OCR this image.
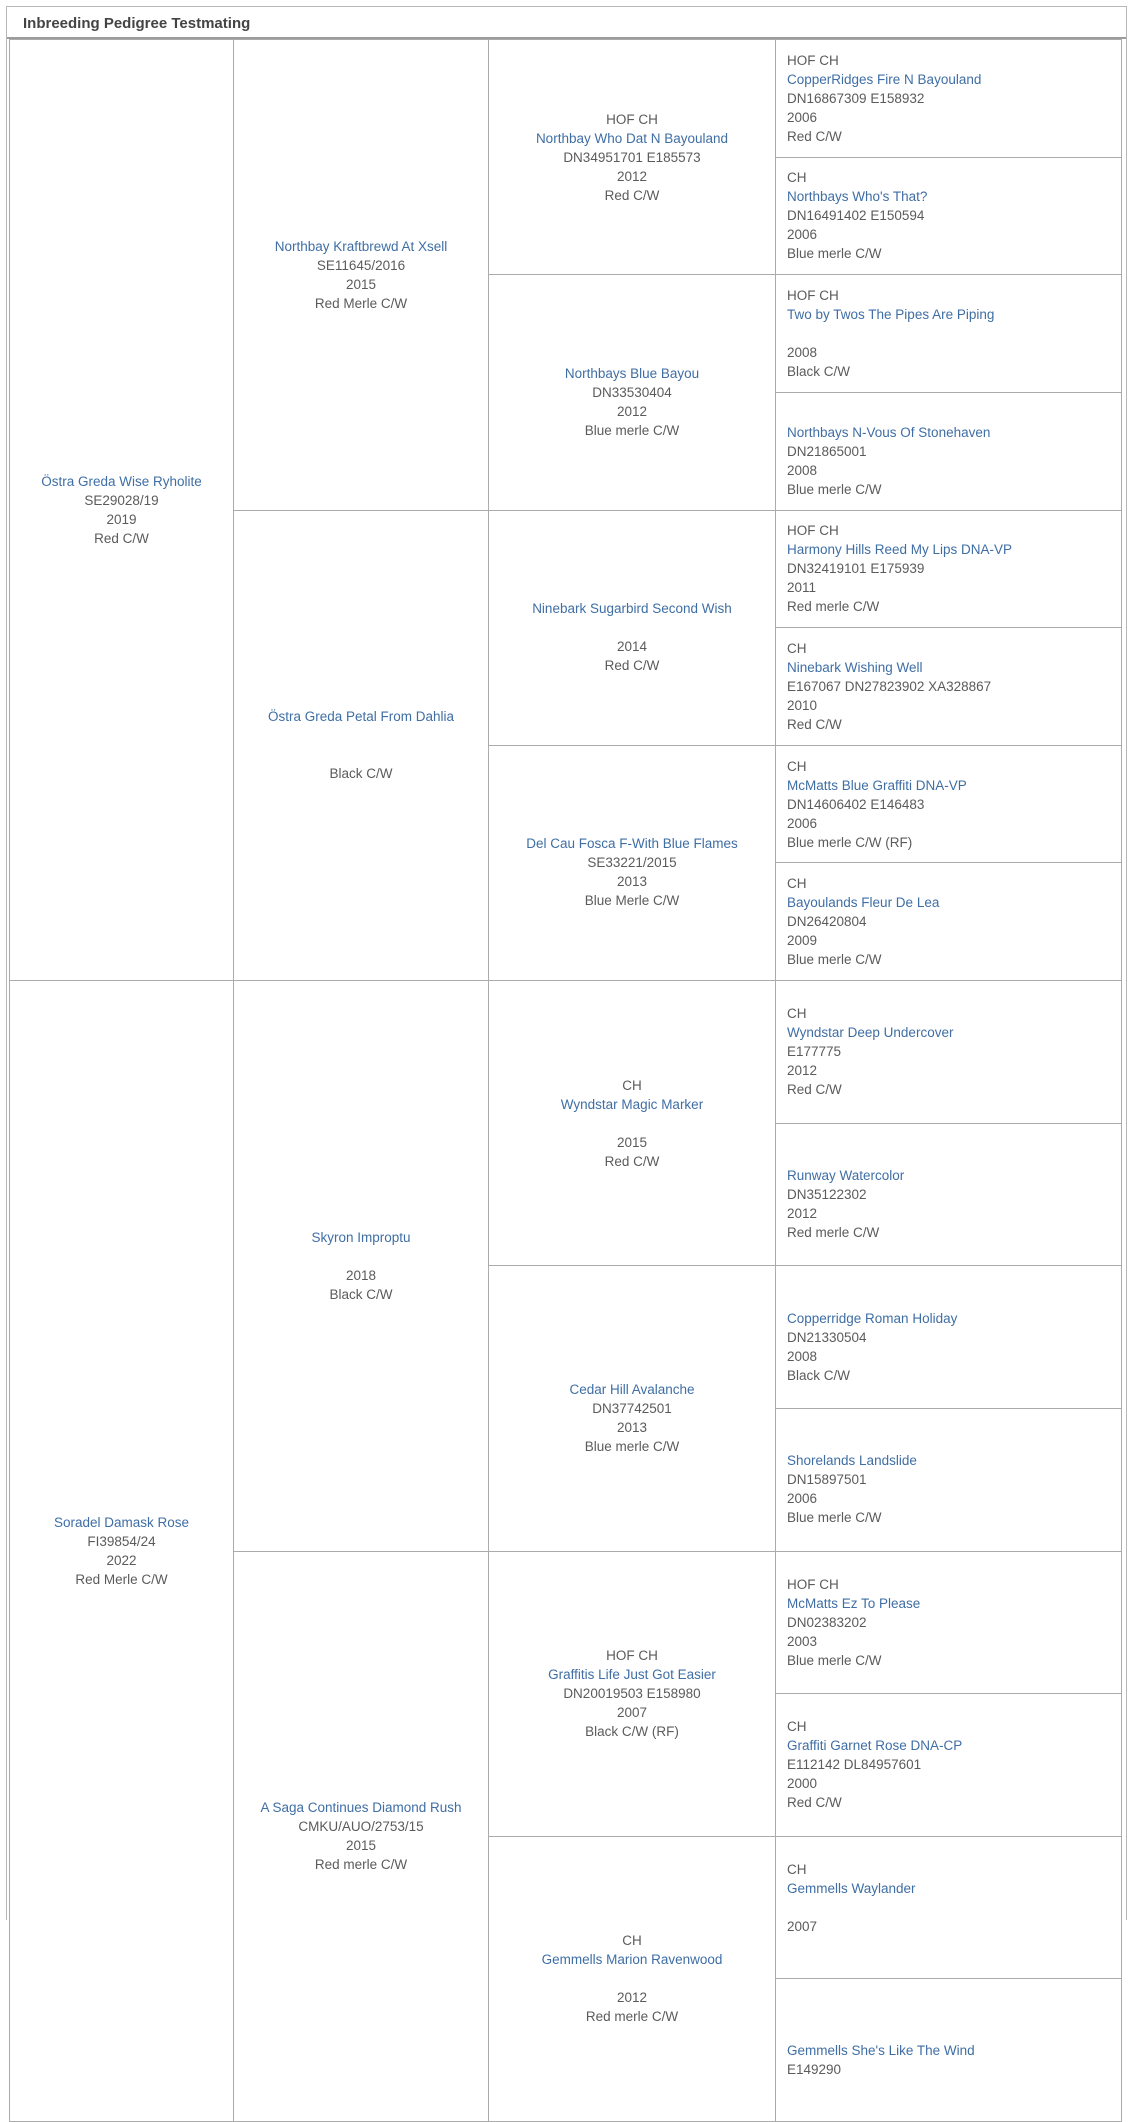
Inbreeding Pedigree Testmating
Östra Greda Wise Ryholite
SE29028/19
2019
Red C/W
Northbay Kraftbrewd At Xsell
SE11645/2016
2015
Red Merle C/W
HOF CH
Northbay Who Dat N Bayouland
DN34951701 E185573
2012
Red C/W
HOF CH
CopperRidges Fire N Bayouland
DN16867309 E158932
2006
Red C/W
CH
Northbays Who's That?
DN16491402 E150594
2006
Blue merle C/W
Northbays Blue Bayou
DN33530404
2012
Blue merle C/W
HOF CH
Two by Twos The Pipes Are Piping
2008
Black C/W
Northbays N-Vous Of Stonehaven
DN21865001
2008
Blue merle C/W
Östra Greda Petal From Dahlia
Black C/W
Ninebark Sugarbird Second Wish
2014
Red C/W
HOF CH
Harmony Hills Reed My Lips DNA-VP
DN32419101 E175939
2011
Red merle C/W
CH
Ninebark Wishing Well
E167067 DN27823902 XA328867
2010
Red C/W
Del Cau Fosca F-With Blue Flames
SE33221/2015
2013
Blue Merle C/W
CH
McMatts Blue Graffiti DNA-VP
DN14606402 E146483
2006
Blue merle C/W (RF)
CH
Bayoulands Fleur De Lea
DN26420804
2009
Blue merle C/W
Soradel Damask Rose
FI39854/24
2022
Red Merle C/W
Skyron Improptu
2018
Black C/W
CH
Wyndstar Magic Marker
2015
Red C/W
CH
Wyndstar Deep Undercover
E177775
2012
Red C/W
Runway Watercolor
DN35122302
2012
Red merle C/W
Cedar Hill Avalanche
DN37742501
2013
Blue merle C/W
Copperridge Roman Holiday
DN21330504
2008
Black C/W
Shorelands Landslide
DN15897501
2006
Blue merle C/W
A Saga Continues Diamond Rush
CMKU/AUO/2753/15
2015
Red merle C/W
HOF CH
Graffitis Life Just Got Easier
DN20019503 E158980
2007
Black C/W (RF)
HOF CH
McMatts Ez To Please
DN02383202
2003
Blue merle C/W
CH
Graffiti Garnet Rose DNA-CP
E112142 DL84957601
2000
Red C/W
CH
Gemmells Marion Ravenwood
2012
Red merle C/W
CH
Gemmells Waylander
2007
Gemmells She's Like The Wind
E149290
